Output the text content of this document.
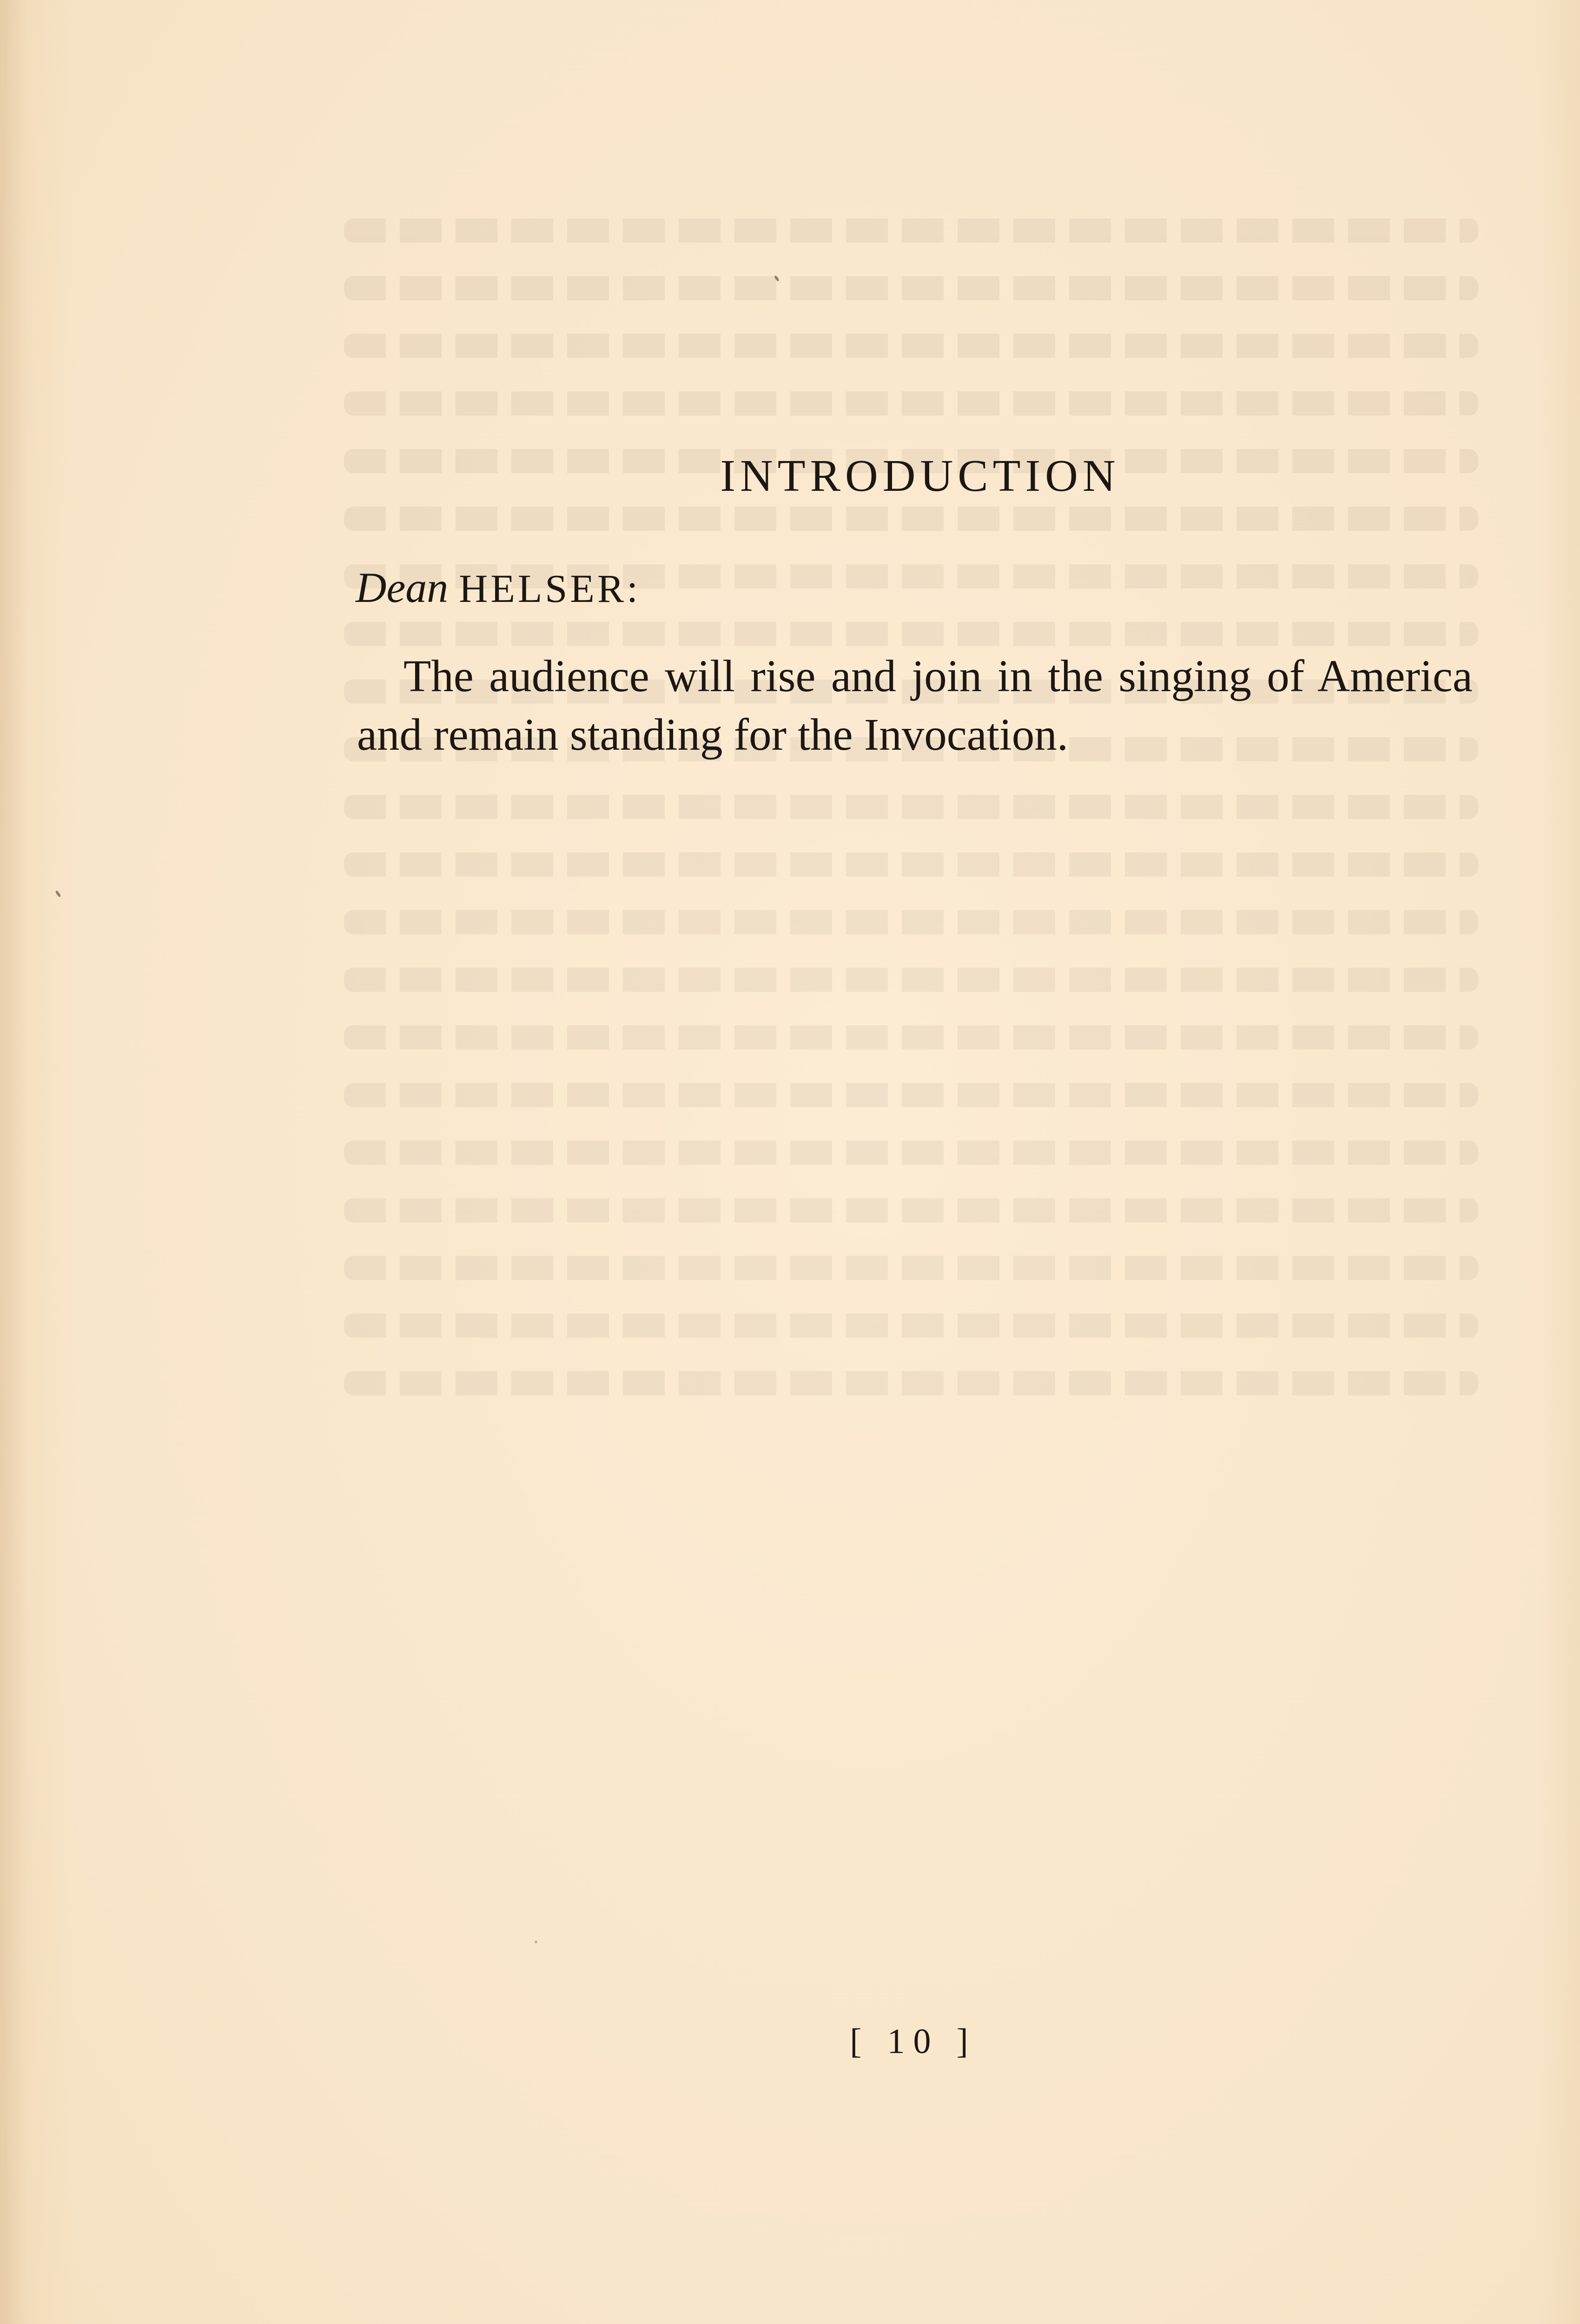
INTRODUCTION
Dean HELSER:

The audience will rise and join in the singing of America and remain standing for the Invocation.

[ 10 ]
